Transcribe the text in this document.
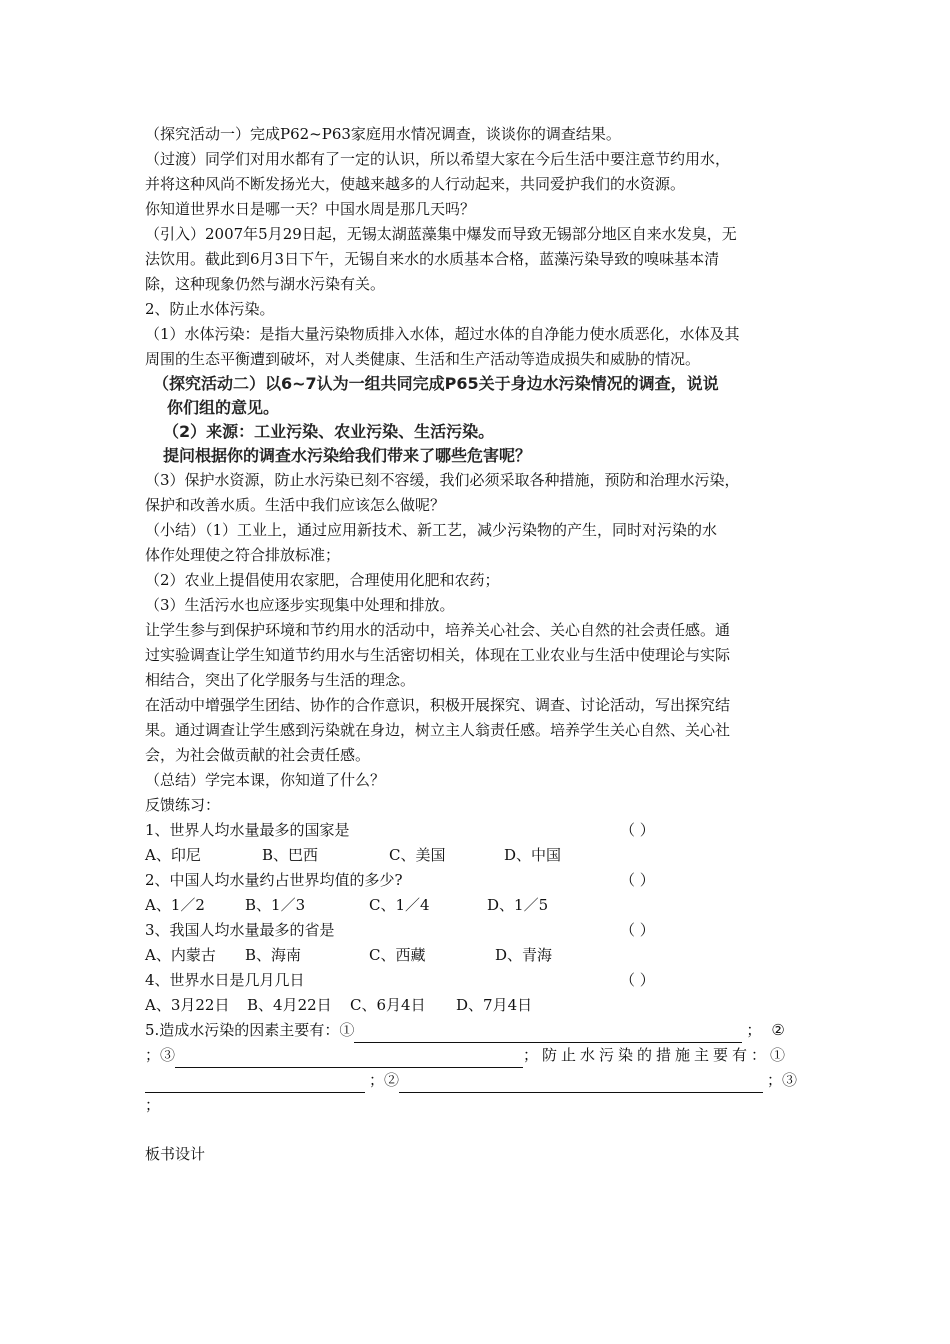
（探究活动一）完成P62~P63家庭用水情况调查，谈谈你的调查结果。

（过渡）同学们对用水都有了一定的认识，所以希望大家在今后生活中要注意节约用水，

并将这种风尚不断发扬光大，使越来越多的人行动起来，共同爱护我们的水资源。

你知道世界水日是哪一天？中国水周是那几天吗？

（引入）2007年5月29日起，无锡太湖蓝藻集中爆发而导致无锡部分地区自来水发臭，无

法饮用。截此到6月3日下午，无锡自来水的水质基本合格，蓝藻污染导致的嗅味基本清

除，这种现象仍然与湖水污染有关。

2、防止水体污染。

（1）水体污染：是指大量污染物质排入水体，超过水体的自净能力使水质恶化，水体及其

周围的生态平衡遭到破坏，对人类健康、生活和生产活动等造成损失和威胁的情况。

（探究活动二）以6~7认为一组共同完成P65关于身边水污染情况的调查，说说

你们组的意见。

（2）来源：工业污染、农业污染、生活污染。

提问根据你的调查水污染给我们带来了哪些危害呢？

（3）保护水资源，防止水污染已刻不容缓，我们必须采取各种措施，预防和治理水污染，

保护和改善水质。生活中我们应该怎么做呢？

（小结）（1）工业上，通过应用新技术、新工艺，减少污染物的产生，同时对污染的水

体作处理使之符合排放标准；

（2）农业上提倡使用农家肥，合理使用化肥和农药；

（3）生活污水也应逐步实现集中处理和排放。

让学生参与到保护环境和节约用水的活动中，培养关心社会、关心自然的社会责任感。通

过实验调查让学生知道节约用水与生活密切相关，体现在工业农业与生活中使理论与实际

相结合，突出了化学服务与生活的理念。

在活动中增强学生团结、协作的合作意识，积极开展探究、调查、讨论活动，写出探究结

果。通过调查让学生感到污染就在身边，树立主人翁责任感。培养学生关心自然、关心社

会，为社会做贡献的社会责任感。

（总结）学完本课，你知道了什么？

反馈练习：

1、世界人均水量最多的国家是	（ ）
A、印尼	B、巴西	C、美国	D、中国
2、中国人均水量约占世界均值的多少?	（ ）
A、1／2	B、1／3	C、1／4	D、1／5
3、我国人均水量最多的省是	（ ）
A、内蒙古	B、海南	C、西藏	D、青海
4、世界水日是几月几日	（ ）
A、3月22日	B、4月22日	C、6月4日	D、7月4日
5.造成水污染的因素主要有：①	； ②
；③	；防止水污染的措施主要有：①
；②	；③
；

板书设计
